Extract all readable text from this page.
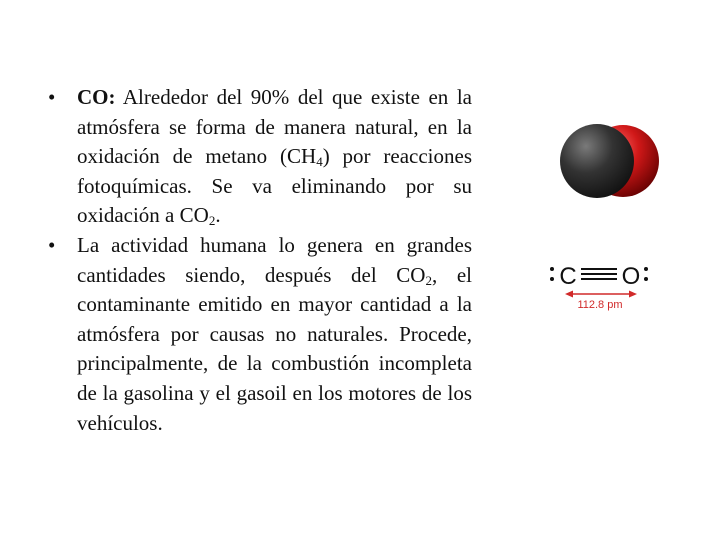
•	CO: Alrededor del 90% del que existe en la atmósfera se forma de manera natural, en la oxidación de metano $(CH_4)$ por reacciones fotoquímicas. Se va eliminando por su oxidación a $CO_2$.
•	La actividad humana lo genera en grandes cantidades siendo, después del $CO_2$, el contaminante emitido en mayor cantidad a la atmósfera por causas no naturales. Procede, principalmente, de la combustión incompleta de la gasolina y el gasoil en los motores de los vehículos.
C O
112.8 pm
